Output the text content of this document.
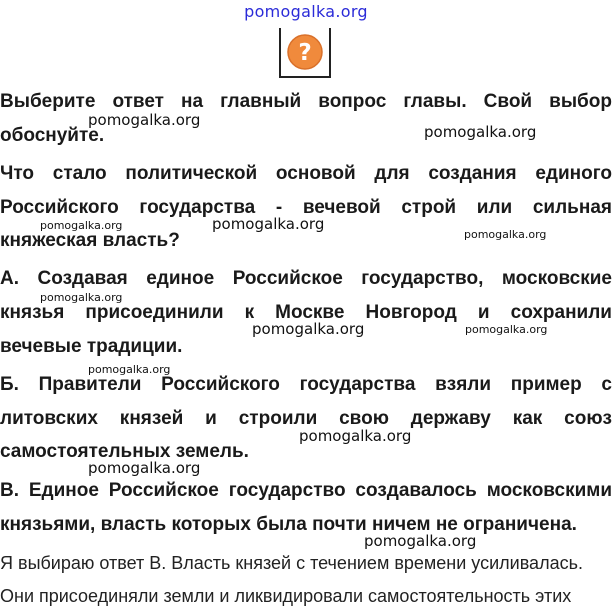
pomogalka.org
?
Выберите ответ на главный вопрос главы. Свой выбор
обоснуйте.
Что стало политической основой для создания единого
Российского государства - вечевой строй или сильная
княжеская власть?
А. Создавая единое Российское государство, московские
князья присоединили к Москве Новгород и сохранили
вечевые традиции.
Б. Правители Российского государства взяли пример с
литовских князей и строили свою державу как союз
самостоятельных земель.
В. Единое Российское государство создавалось московскими
князьями, власть которых была почти ничем не ограничена.
Я выбираю ответ В. Власть князей с течением времени усиливалась.
Они присоединяли земли и ликвидировали самостоятельность этих
pomogalka.org
pomogalka.org
pomogalka.org	pomogalka.org
pomogalka.org
pomogalka.org
pomogalka.org	pomogalka.org
pomogalka.org
pomogalka.org
pomogalka.org
pomogalka.org
